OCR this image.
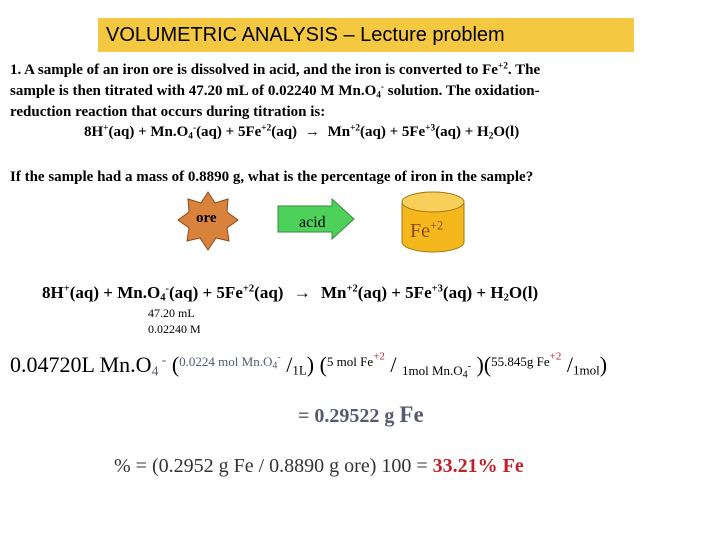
VOLUMETRIC ANALYSIS – Lecture problem
1. A sample of an iron ore is dissolved in acid, and the iron is converted to $Fe^{+2}$. The
sample is then titrated with 47.20 mL of 0.02240 M $Mn.O_4^-$ solution. The oxidation-
reduction reaction that occurs during titration is:
$8H^+(aq) + Mn.O_4^-(aq) + 5Fe^{+2}(aq) \to Mn^{+2}(aq) + 5Fe^{+3}(aq) + H_2O(l)$
If the sample had a mass of 0.8890 g, what is the percentage of iron in the sample?
ore	acid	$Fe^{+2}$
$8H^+(aq) + Mn.O_4^-(aq) + 5Fe^{+2}(aq) \to Mn^{+2}(aq) + 5Fe^{+3}(aq) + H_2O(l)$
47.20 mL
0.02240 M
0.04720L $Mn.O_4$ - ($^{0.0224 mol Mn.O_4^-}$ $/_{1L}$) ($^{5 mol Fe^{+2}}$ / $_{1mol Mn.O_4^-}$ )($^{55.845g Fe^{+2}}$ $/_{1mol}$)
= 0.29522 g Fe
% = (0.2952 g Fe / 0.8890 g ore) 100 = 33.21% Fe
